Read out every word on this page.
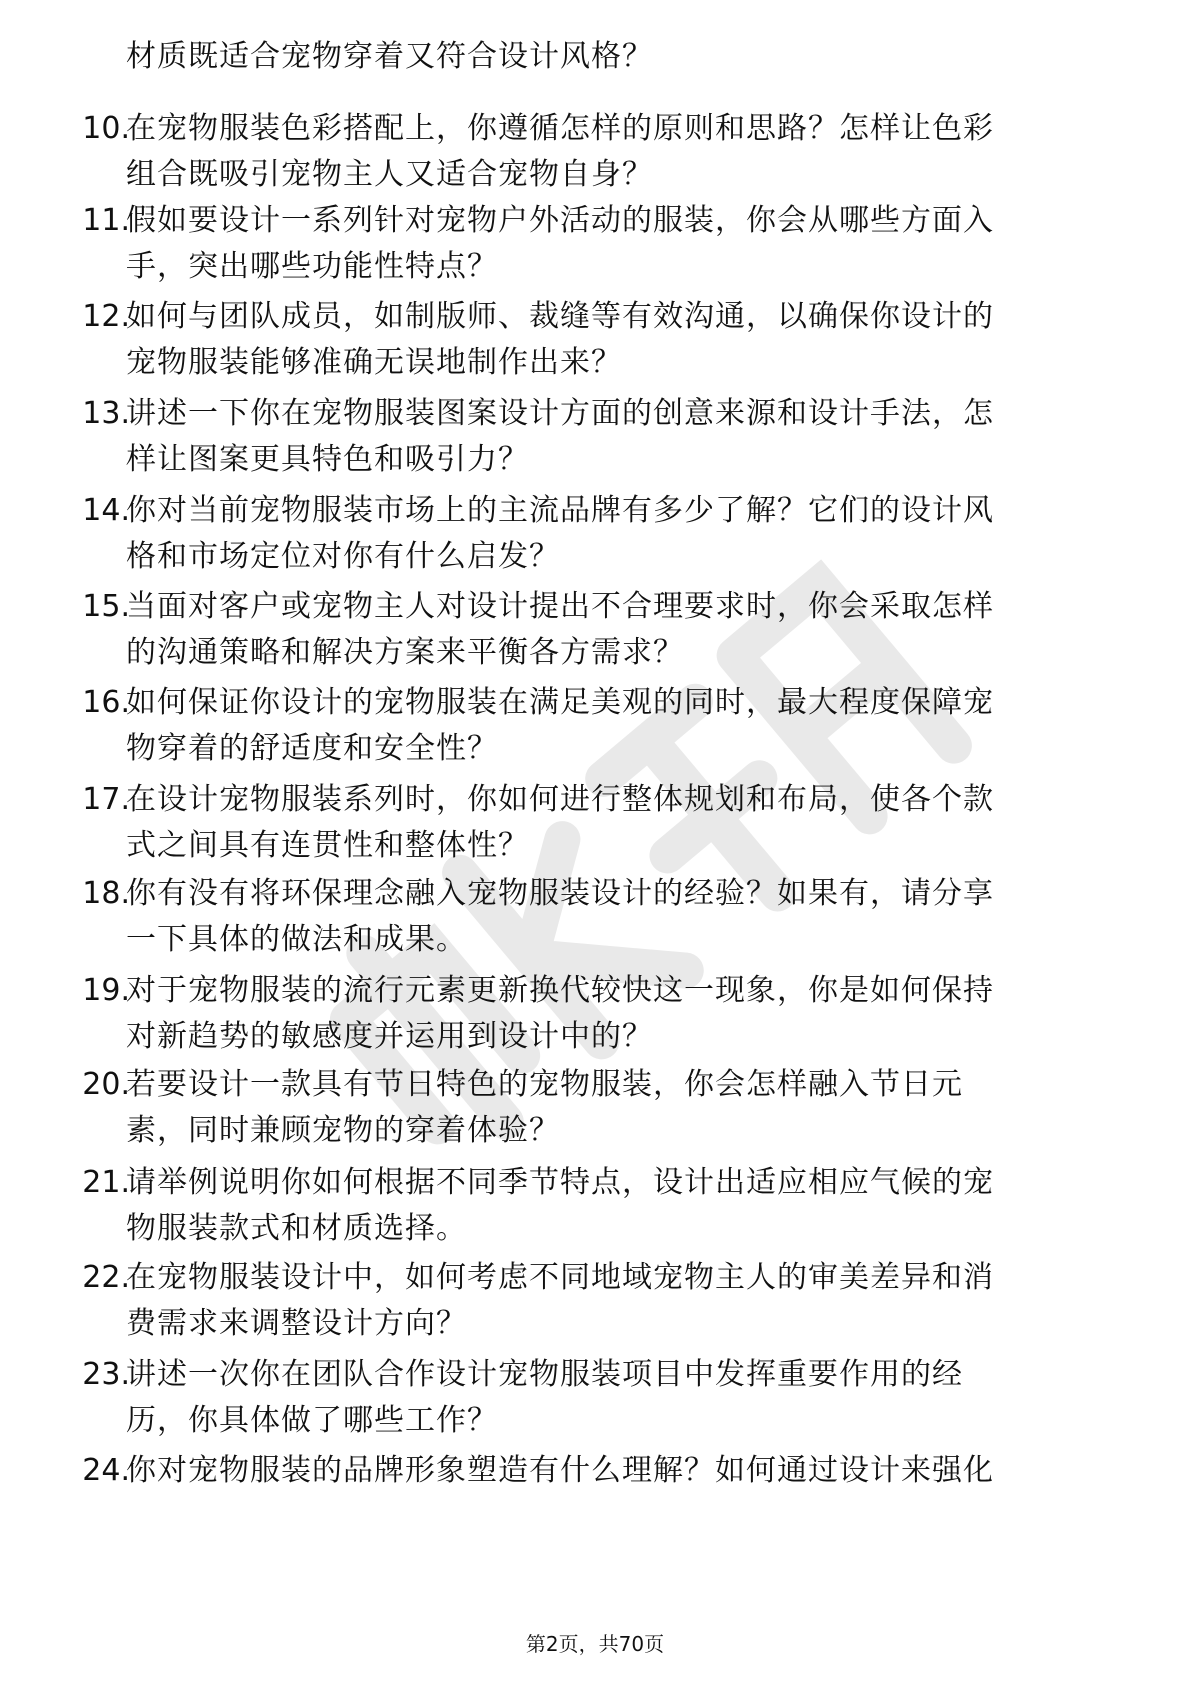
材质既适合宠物穿着又符合设计风格？
10.
在宠物服装色彩搭配上，你遵循怎样的原则和思路？怎样让色彩
组合既吸引宠物主人又适合宠物自身？
11.
假如要设计一系列针对宠物户外活动的服装，你会从哪些方面入
手，突出哪些功能性特点？
12.
如何与团队成员，如制版师、裁缝等有效沟通，以确保你设计的
宠物服装能够准确无误地制作出来？
13.
讲述一下你在宠物服装图案设计方面的创意来源和设计手法，怎
样让图案更具特色和吸引力？
14.
你对当前宠物服装市场上的主流品牌有多少了解？它们的设计风
格和市场定位对你有什么启发？
15.
当面对客户或宠物主人对设计提出不合理要求时，你会采取怎样
的沟通策略和解决方案来平衡各方需求？
16.
如何保证你设计的宠物服装在满足美观的同时，最大程度保障宠
物穿着的舒适度和安全性？
17.
在设计宠物服装系列时，你如何进行整体规划和布局，使各个款
式之间具有连贯性和整体性？
18.
你有没有将环保理念融入宠物服装设计的经验？如果有，请分享
一下具体的做法和成果。
19.
对于宠物服装的流行元素更新换代较快这一现象，你是如何保持
对新趋势的敏感度并运用到设计中的？
20.
若要设计一款具有节日特色的宠物服装，你会怎样融入节日元
素，同时兼顾宠物的穿着体验？
21.
请举例说明你如何根据不同季节特点，设计出适应相应气候的宠
物服装款式和材质选择。
22.
在宠物服装设计中，如何考虑不同地域宠物主人的审美差异和消
费需求来调整设计方向？
23.
讲述一次你在团队合作设计宠物服装项目中发挥重要作用的经
历，你具体做了哪些工作？
24.
你对宠物服装的品牌形象塑造有什么理解？如何通过设计来强化
第2页，共70页
